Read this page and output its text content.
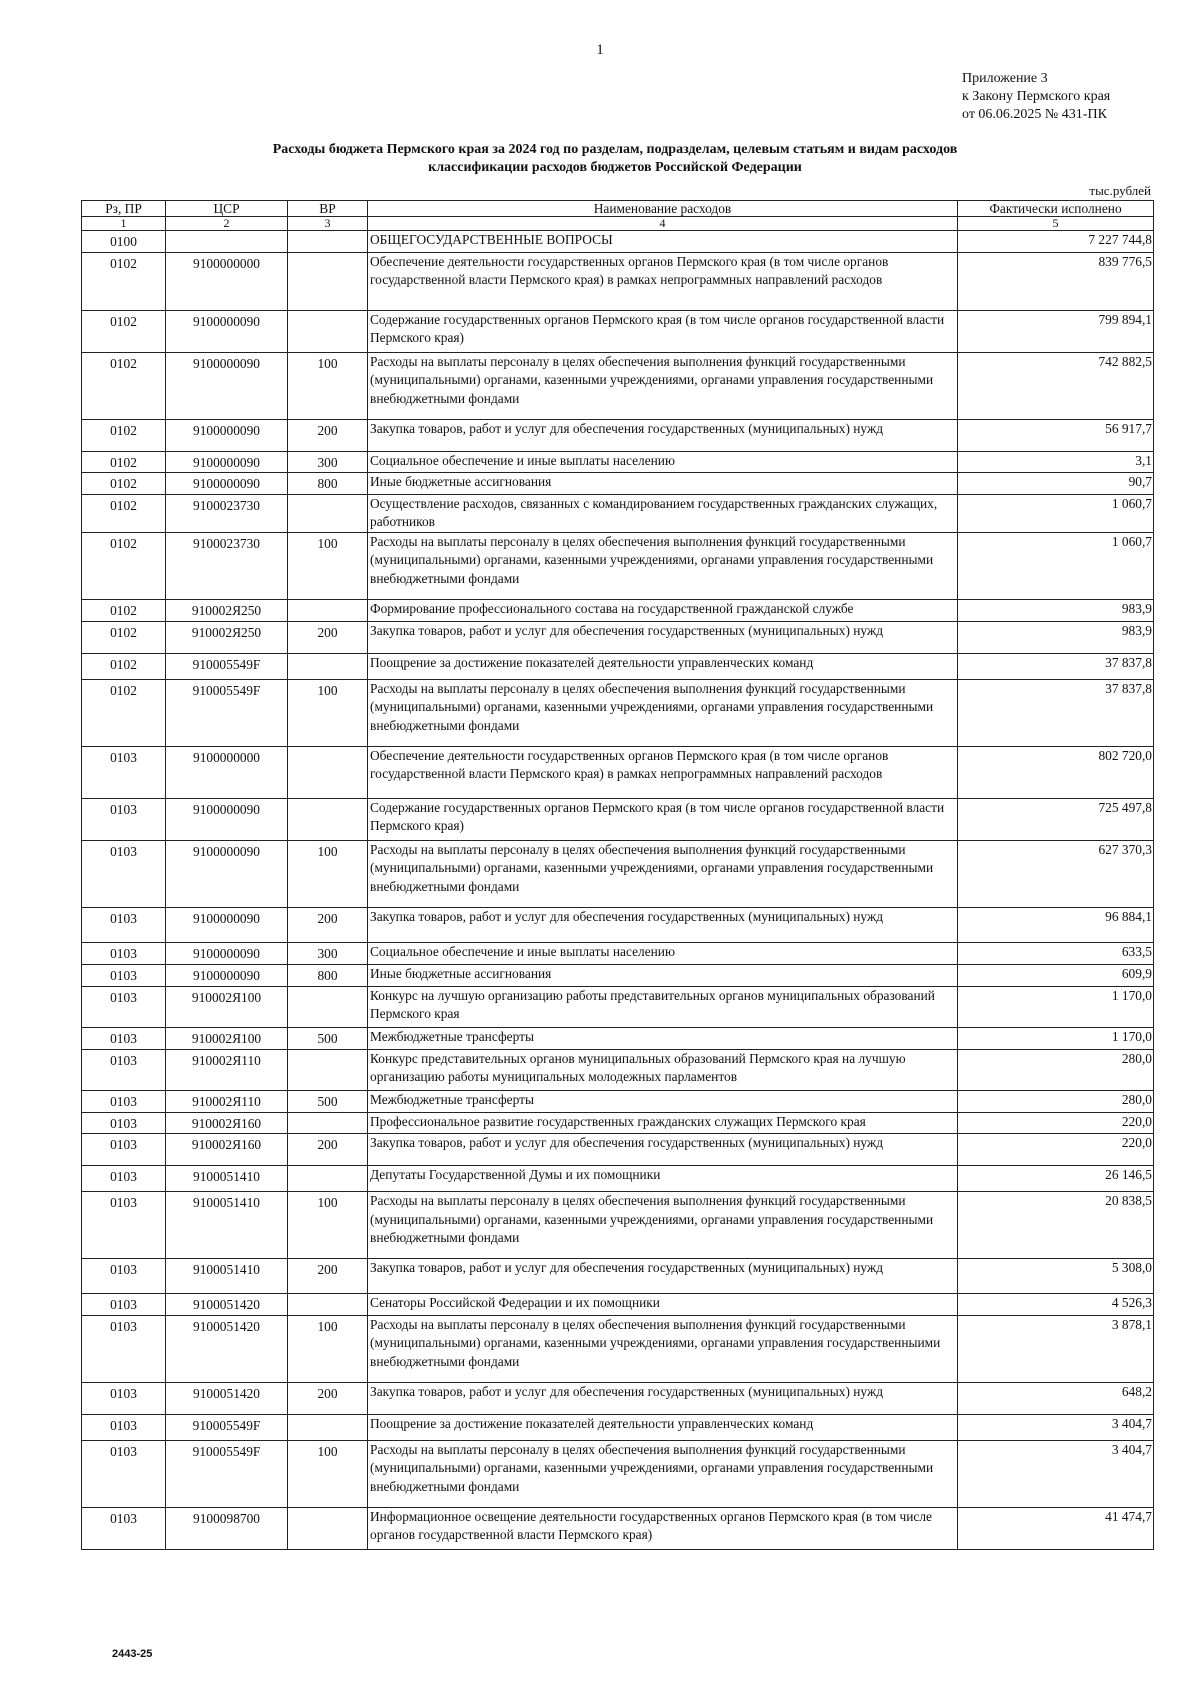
1
Приложение 3
к Закону Пермского края
от 06.06.2025 № 431-ПК
Расходы бюджета Пермского края за 2024 год по разделам, подразделам, целевым статьям и видам расходов
классификации расходов бюджетов Российской Федерации
тыс.рублей
Рз, ПР	ЦСР	ВР	Наименование расходов	Фактически исполнено
1	2	3	4	5
0100			ОБЩЕГОСУДАРСТВЕННЫЕ ВОПРОСЫ	7 227 744,8
0102	9100000000		Обеспечение деятельности государственных органов Пермского края (в том числе органов государственной власти Пермского края) в рамках непрограммных направлений расходов	839 776,5
0102	9100000090		Содержание государственных органов Пермского края (в том числе органов государственной власти Пермского края)	799 894,1
0102	9100000090	100	Расходы на выплаты персоналу в целях обеспечения выполнения функций государственными (муниципальными) органами, казенными учреждениями, органами управления государственными внебюджетными фондами	742 882,5
0102	9100000090	200	Закупка товаров, работ и услуг для обеспечения государственных (муниципальных) нужд	56 917,7
0102	9100000090	300	Социальное обеспечение и иные выплаты населению	3,1
0102	9100000090	800	Иные бюджетные ассигнования	90,7
0102	9100023730		Осуществление расходов, связанных с командированием государственных гражданских служащих, работников	1 060,7
0102	9100023730	100	Расходы на выплаты персоналу в целях обеспечения выполнения функций государственными (муниципальными) органами, казенными учреждениями, органами управления государственными внебюджетными фондами	1 060,7
0102	910002Я250		Формирование профессионального состава на государственной гражданской службе	983,9
0102	910002Я250	200	Закупка товаров, работ и услуг для обеспечения государственных (муниципальных) нужд	983,9
0102	910005549F		Поощрение за достижение показателей деятельности управленческих команд	37 837,8
0102	910005549F	100	Расходы на выплаты персоналу в целях обеспечения выполнения функций государственными (муниципальными) органами, казенными учреждениями, органами управления государственными внебюджетными фондами	37 837,8
0103	9100000000		Обеспечение деятельности государственных органов Пермского края (в том числе органов государственной власти Пермского края) в рамках непрограммных направлений расходов	802 720,0
0103	9100000090		Содержание государственных органов Пермского края (в том числе органов государственной власти Пермского края)	725 497,8
0103	9100000090	100	Расходы на выплаты персоналу в целях обеспечения выполнения функций государственными (муниципальными) органами, казенными учреждениями, органами управления государственными внебюджетными фондами	627 370,3
0103	9100000090	200	Закупка товаров, работ и услуг для обеспечения государственных (муниципальных) нужд	96 884,1
0103	9100000090	300	Социальное обеспечение и иные выплаты населению	633,5
0103	9100000090	800	Иные бюджетные ассигнования	609,9
0103	910002Я100		Конкурс на лучшую организацию работы представительных органов муниципальных образований Пермского края	1 170,0
0103	910002Я100	500	Межбюджетные трансферты	1 170,0
0103	910002Я110		Конкурс представительных органов муниципальных образований Пермского края на лучшую организацию работы муниципальных молодежных парламентов	280,0
0103	910002Я110	500	Межбюджетные трансферты	280,0
0103	910002Я160		Профессиональное развитие государственных гражданских служащих Пермского края	220,0
0103	910002Я160	200	Закупка товаров, работ и услуг для обеспечения государственных (муниципальных) нужд	220,0
0103	9100051410		Депутаты Государственной Думы и их помощники	26 146,5
0103	9100051410	100	Расходы на выплаты персоналу в целях обеспечения выполнения функций государственными (муниципальными) органами, казенными учреждениями, органами управления государственными внебюджетными фондами	20 838,5
0103	9100051410	200	Закупка товаров, работ и услуг для обеспечения государственных (муниципальных) нужд	5 308,0
0103	9100051420		Сенаторы Российской Федерации и их помощники	4 526,3
0103	9100051420	100	Расходы на выплаты персоналу в целях обеспечения выполнения функций государственными (муниципальными) органами, казенными учреждениями, органами управления государственныими внебюджетными фондами	3 878,1
0103	9100051420	200	Закупка товаров, работ и услуг для обеспечения государственных (муниципальных) нужд	648,2
0103	910005549F		Поощрение за достижение показателей деятельности управленческих команд	3 404,7
0103	910005549F	100	Расходы на выплаты персоналу в целях обеспечения выполнения функций государственными (муниципальными) органами, казенными учреждениями, органами управления государственными внебюджетными фондами	3 404,7
0103	9100098700		Информационное освещение деятельности государственных органов Пермского края (в том числе органов государственной власти Пермского края)	41 474,7
2443-25
